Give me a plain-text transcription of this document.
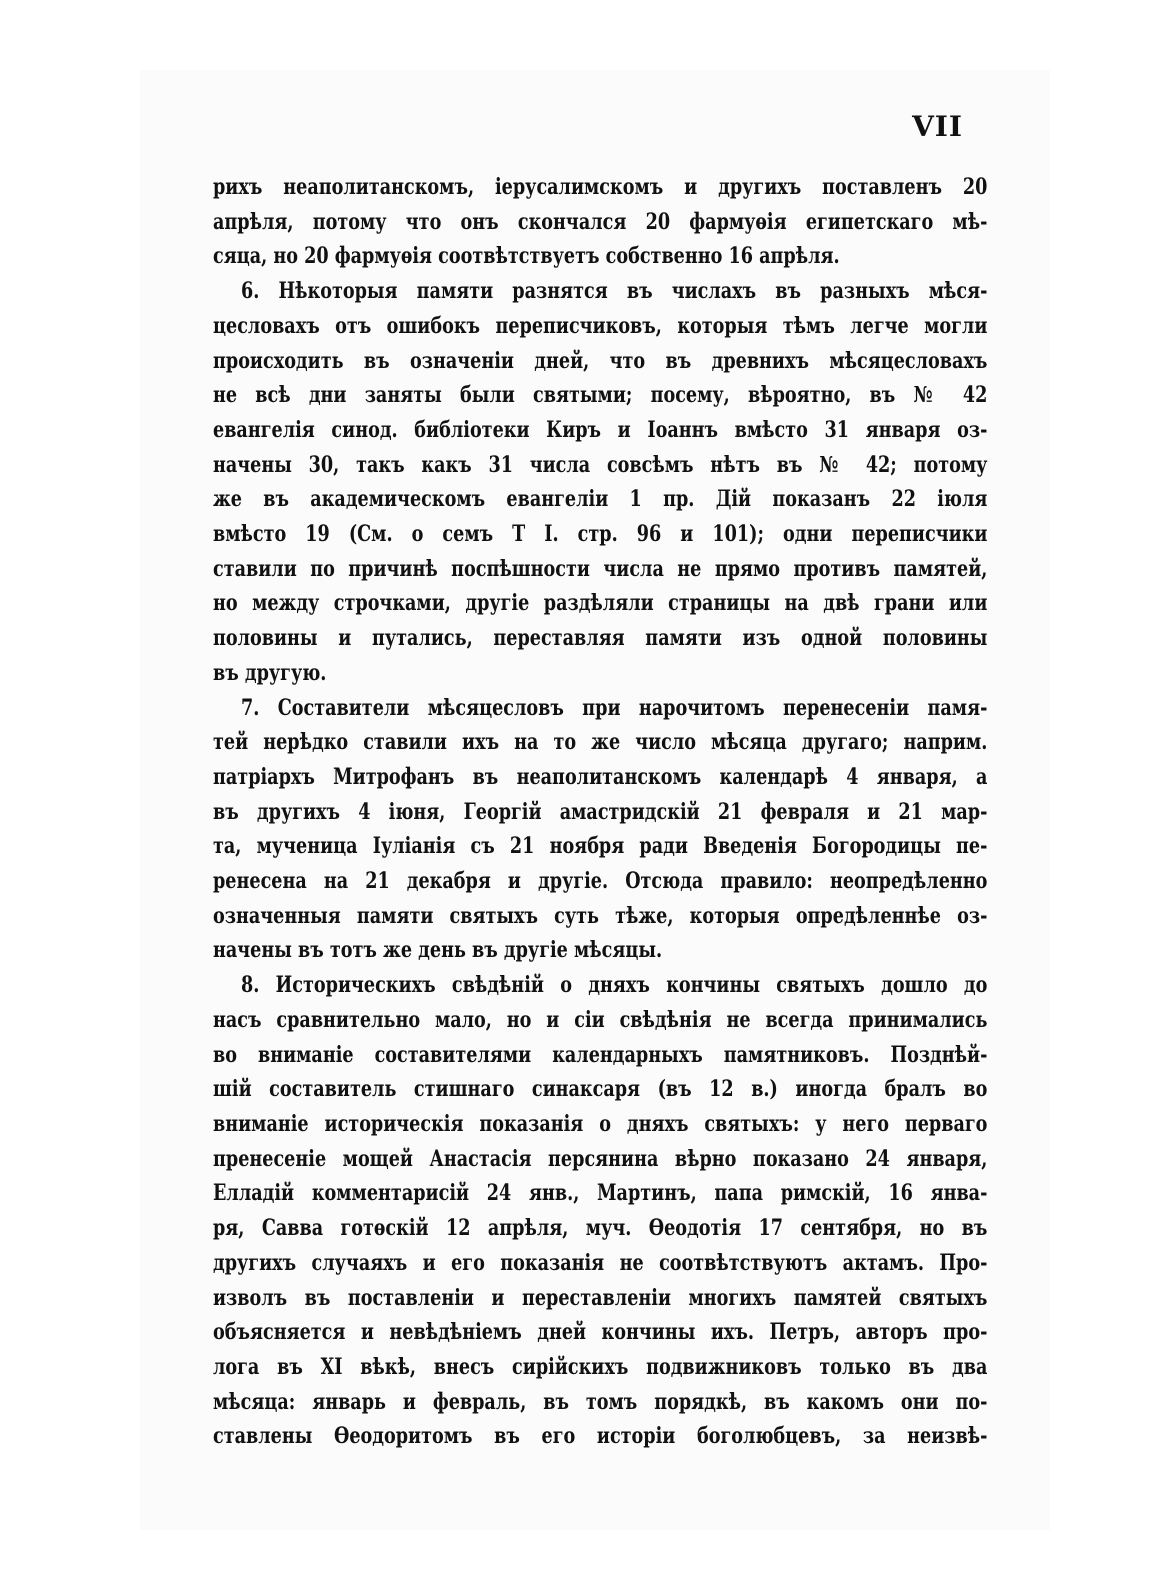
VII
рихъ неаполитанскомъ, іерусалимскомъ и другихъ поставленъ 20
апрѣля, потому что онъ скончался 20 фармуѳія египетскаго мѣ-
сяца, но 20 фармуѳія соотвѣтствуетъ собственно 16 апрѣля.
6. Нѣкоторыя памяти разнятся въ числахъ въ разныхъ мѣся-
цесловахъ отъ ошибокъ переписчиковъ, которыя тѣмъ легче могли
происходить въ означеніи дней, что въ древнихъ мѣсяцесловахъ
не всѣ дни заняты были святыми; посему, вѣроятно, въ № 42
евангелія синод. библіотеки Киръ и Іоаннъ вмѣсто 31 января оз-
начены 30, такъ какъ 31 числа совсѣмъ нѣтъ въ № 42; потому
же въ академическомъ евангеліи 1 пр. Дій показанъ 22 іюля
вмѣсто 19 (См. о семъ Т І. стр. 96 и 101); одни переписчики
ставили по причинѣ поспѣшности числа не прямо противъ памятей,
но между строчками, другіе раздѣляли страницы на двѣ грани или
половины и путались, переставляя памяти изъ одной половины
въ другую.
7. Составители мѣсяцесловъ при нарочитомъ перенесеніи памя-
тей нерѣдко ставили ихъ на то же число мѣсяца другаго; наприм.
патріархъ Митрофанъ въ неаполитанскомъ календарѣ 4 января, а
въ другихъ 4 іюня, Георгій амастридскій 21 февраля и 21 мар-
та, мученица Іуліанія съ 21 ноября ради Введенія Богородицы пе-
ренесена на 21 декабря и другіе. Отсюда правило: неопредѣленно
означенныя памяти святыхъ суть тѣже, которыя опредѣленнѣе оз-
начены въ тотъ же день въ другіе мѣсяцы.
8. Историческихъ свѣдѣній о дняхъ кончины святыхъ дошло до
насъ сравнительно мало, но и сіи свѣдѣнія не всегда принимались
во вниманіе составителями календарныхъ памятниковъ. Позднѣй-
шій составитель стишнаго синаксаря (въ 12 в.) иногда бралъ во
вниманіе историческія показанія о дняхъ святыхъ: у него перваго
пренесеніе мощей Анастасія персянина вѣрно показано 24 января,
Елладій комментарисій 24 янв., Мартинъ, папа римскій, 16 янва-
ря, Савва готѳскій 12 апрѣля, муч. Ѳеодотія 17 сентября, но въ
другихъ случаяхъ и его показанія не соотвѣтствуютъ актамъ. Про-
изволъ въ поставленіи и переставленіи многихъ памятей святыхъ
объясняется и невѣдѣніемъ дней кончины ихъ. Петръ, авторъ про-
лога въ XI вѣкѣ, внесъ сирійскихъ подвижниковъ только въ два
мѣсяца: январь и февраль, въ томъ порядкѣ, въ какомъ они по-
ставлены Ѳеодоритомъ въ его исторіи боголюбцевъ, за неизвѣ-
